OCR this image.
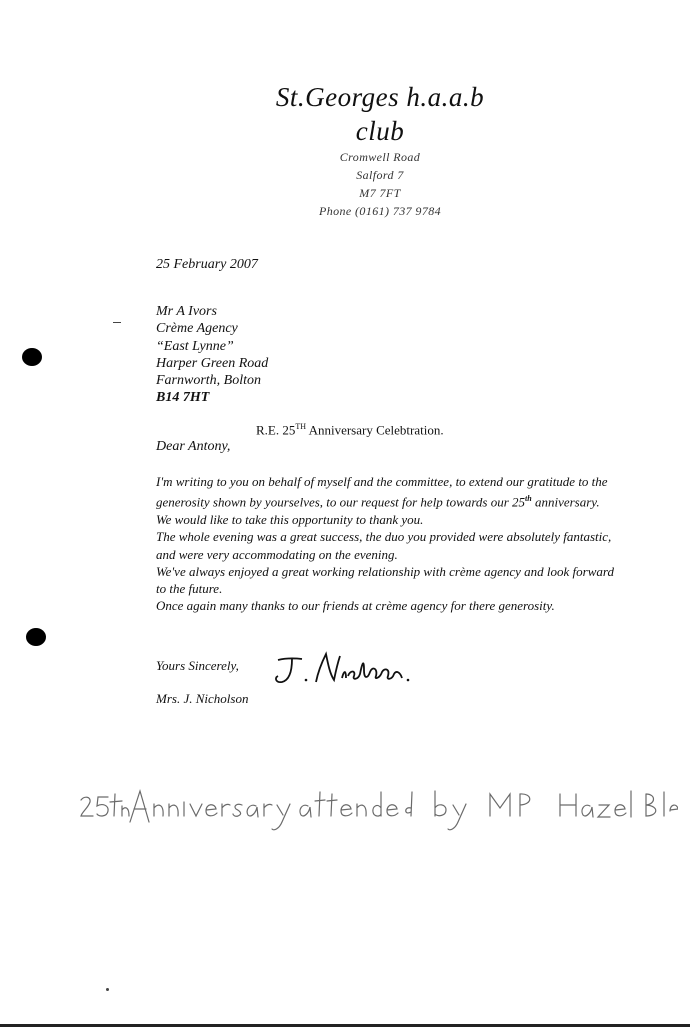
St.Georges h.a.a.b club
Cromwell Road
Salford 7
M7 7FT
Phone (0161) 737 9784
25 February 2007
Mr A Ivors
Crème Agency
“East Lynne”
Harper Green Road
Farnworth, Bolton
B14 7HT
R.E. 25TH Anniversary Celebtration.
Dear Antony,

I'm writing to you on behalf of myself and the committee, to extend our gratitude to the generosity shown by yourselves, to our request for help towards our 25th anniversary.

We would like to take this opportunity to thank you.

The whole evening was a great success, the duo you provided were absolutely fantastic, and were very accommodating on the evening.

We've always enjoyed a great working relationship with crème agency and look forward to the future.

Once again many thanks to our friends at crème agency for there generosity.

Yours Sincerely,
Mrs. J. Nicholson
